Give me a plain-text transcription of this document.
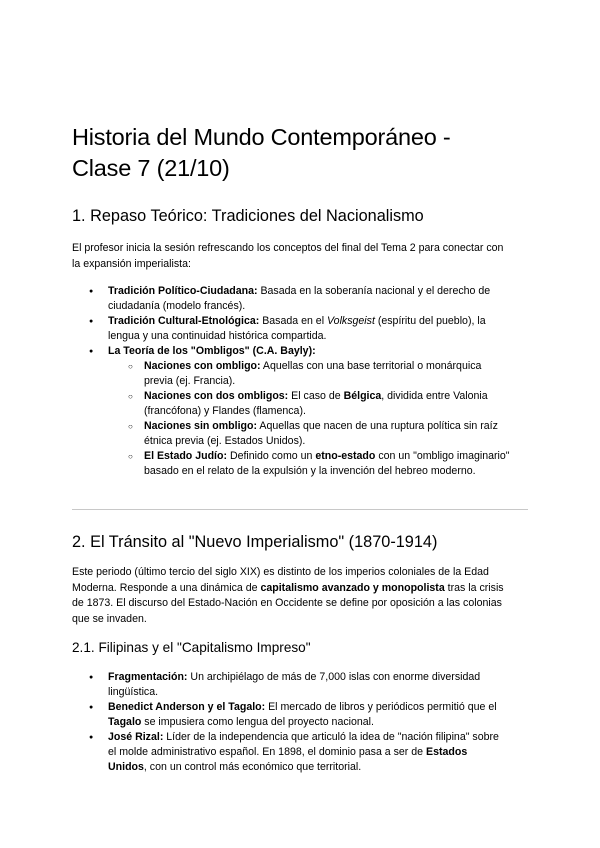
Historia del Mundo Contemporáneo -
Clase 7 (21/10)
1. Repaso Teórico: Tradiciones del Nacionalismo

El profesor inicia la sesión refrescando los conceptos del final del Tema 2 para conectar con
la expansión imperialista:

● Tradición Político-Ciudadana: Basada en la soberanía nacional y el derecho de
ciudadanía (modelo francés).
● Tradición Cultural-Etnológica: Basada en el Volksgeist (espíritu del pueblo), la
lengua y una continuidad histórica compartida.
● La Teoría de los "Ombligos" (C.A. Bayly):
○ Naciones con ombligo: Aquellas con una base territorial o monárquica
previa (ej. Francia).
○ Naciones con dos ombligos: El caso de Bélgica, dividida entre Valonia
(francófona) y Flandes (flamenca).
○ Naciones sin ombligo: Aquellas que nacen de una ruptura política sin raíz
étnica previa (ej. Estados Unidos).
○ El Estado Judío: Definido como un etno-estado con un "ombligo imaginario"
basado en el relato de la expulsión y la invención del hebreo moderno.
2. El Tránsito al "Nuevo Imperialismo" (1870-1914)

Este periodo (último tercio del siglo XIX) es distinto de los imperios coloniales de la Edad
Moderna. Responde a una dinámica de capitalismo avanzado y monopolista tras la crisis
de 1873. El discurso del Estado-Nación en Occidente se define por oposición a las colonias
que se invaden.

2.1. Filipinas y el "Capitalismo Impreso"
● Fragmentación: Un archipiélago de más de 7,000 islas con enorme diversidad
lingüística.
● Benedict Anderson y el Tagalo: El mercado de libros y periódicos permitió que el
Tagalo se impusiera como lengua del proyecto nacional.
● José Rizal: Líder de la independencia que articuló la idea de "nación filipina" sobre
el molde administrativo español. En 1898, el dominio pasa a ser de Estados
Unidos, con un control más económico que territorial.
